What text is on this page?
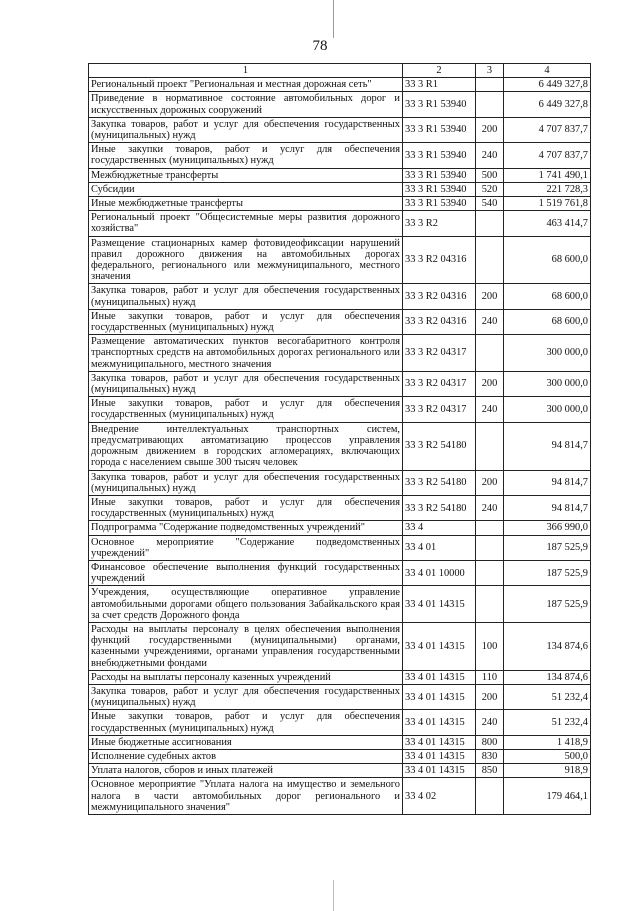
78
1	2	3	4
Региональный проект "Региональная и местная дорожная сеть"	33 3 R1		6 449 327,8
Приведение в нормативное состояние автомобильных дорог и искусственных дорожных сооружений	33 3 R1 53940		6 449 327,8
Закупка товаров, работ и услуг для обеспечения государственных (муниципальных) нужд	33 3 R1 53940	200	4 707 837,7
Иные закупки товаров, работ и услуг для обеспечения государственных (муниципальных) нужд	33 3 R1 53940	240	4 707 837,7
Межбюджетные трансферты	33 3 R1 53940	500	1 741 490,1
Субсидии	33 3 R1 53940	520	221 728,3
Иные межбюджетные трансферты	33 3 R1 53940	540	1 519 761,8
Региональный проект "Общесистемные меры развития дорожного хозяйства"	33 3 R2		463 414,7
Размещение стационарных камер фотовидеофиксации нарушений правил дорожного движения на автомобильных дорогах федерального, регионального или межмуниципального, местного значения	33 3 R2 04316		68 600,0
Закупка товаров, работ и услуг для обеспечения государственных (муниципальных) нужд	33 3 R2 04316	200	68 600,0
Иные закупки товаров, работ и услуг для обеспечения государственных (муниципальных) нужд	33 3 R2 04316	240	68 600,0
Размещение автоматических пунктов весогабаритного контроля транспортных средств на автомобильных дорогах регионального или межмуниципального, местного значения	33 3 R2 04317		300 000,0
Закупка товаров, работ и услуг для обеспечения государственных (муниципальных) нужд	33 3 R2 04317	200	300 000,0
Иные закупки товаров, работ и услуг для обеспечения государственных (муниципальных) нужд	33 3 R2 04317	240	300 000,0
Внедрение интеллектуальных транспортных систем, предусматривающих автоматизацию процессов управления дорожным движением в городских агломерациях, включающих города с населением свыше 300 тысяч человек	33 3 R2 54180		94 814,7
Закупка товаров, работ и услуг для обеспечения государственных (муниципальных) нужд	33 3 R2 54180	200	94 814,7
Иные закупки товаров, работ и услуг для обеспечения государственных (муниципальных) нужд	33 3 R2 54180	240	94 814,7
Подпрограмма "Содержание подведомственных учреждений"	33 4		366 990,0
Основное мероприятие "Содержание подведомственных учреждений"	33 4 01		187 525,9
Финансовое обеспечение выполнения функций государственных учреждений	33 4 01 10000		187 525,9
Учреждения, осуществляющие оперативное управление автомобильными дорогами общего пользования Забайкальского края за счет средств Дорожного фонда	33 4 01 14315		187 525,9
Расходы на выплаты персоналу в целях обеспечения выполнения функций государственными (муниципальными) органами, казенными учреждениями, органами управления государственными внебюджетными фондами	33 4 01 14315	100	134 874,6
Расходы на выплаты персоналу казенных учреждений	33 4 01 14315	110	134 874,6
Закупка товаров, работ и услуг для обеспечения государственных (муниципальных) нужд	33 4 01 14315	200	51 232,4
Иные закупки товаров, работ и услуг для обеспечения государственных (муниципальных) нужд	33 4 01 14315	240	51 232,4
Иные бюджетные ассигнования	33 4 01 14315	800	1 418,9
Исполнение судебных актов	33 4 01 14315	830	500,0
Уплата налогов, сборов и иных платежей	33 4 01 14315	850	918,9
Основное мероприятие "Уплата налога на имущество и земельного налога в части автомобильных дорог регионального и межмуниципального значения"	33 4 02		179 464,1
